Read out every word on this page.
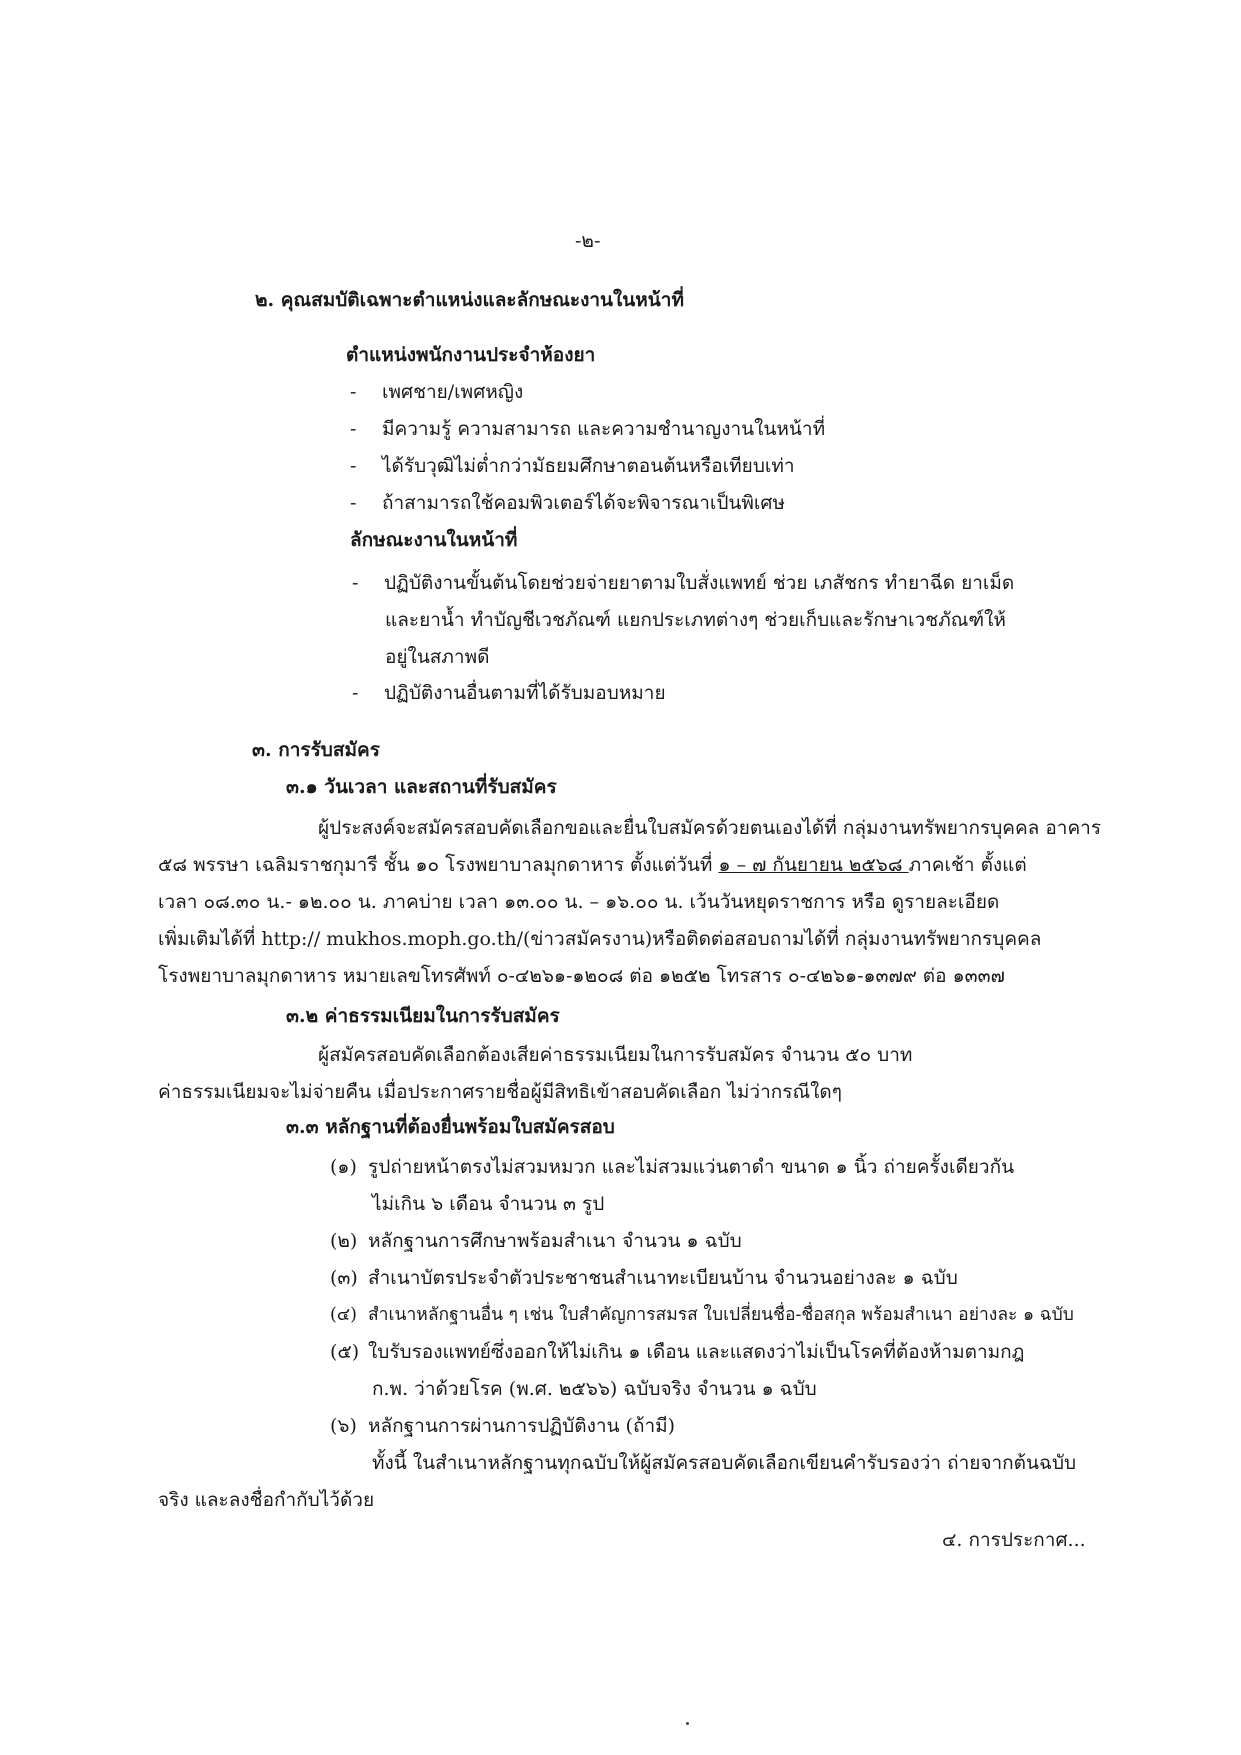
-๒-
๒. คุณสมบัติเฉพาะตำแหน่งและลักษณะงานในหน้าที่
ตำแหน่งพนักงานประจำห้องยา
- เพศชาย/เพศหญิง
- มีความรู้ ความสามารถ และความชำนาญงานในหน้าที่
- ได้รับวุฒิไม่ต่ำกว่ามัธยมศึกษาตอนต้นหรือเทียบเท่า
- ถ้าสามารถใช้คอมพิวเตอร์ได้จะพิจารณาเป็นพิเศษ
ลักษณะงานในหน้าที่
- ปฏิบัติงานขั้นต้นโดยช่วยจ่ายยาตามใบสั่งแพทย์ ช่วย เภสัชกร ทำยาฉีด ยาเม็ด
และยาน้ำ ทำบัญชีเวชภัณฑ์ แยกประเภทต่างๆ ช่วยเก็บและรักษาเวชภัณฑ์ให้
อยู่ในสภาพดี
- ปฏิบัติงานอื่นตามที่ได้รับมอบหมาย
๓. การรับสมัคร
๓.๑ วันเวลา และสถานที่รับสมัคร
ผู้ประสงค์จะสมัครสอบคัดเลือกขอและยื่นใบสมัครด้วยตนเองได้ที่ กลุ่มงานทรัพยากรบุคคล อาคาร
๕๘ พรรษา เฉลิมราชกุมารี ชั้น ๑๐ โรงพยาบาลมุกดาหาร ตั้งแต่วันที่ ๑ – ๗ กันยายน ๒๕๖๘ ภาคเช้า ตั้งแต่
เวลา ๐๘.๓๐ น.- ๑๒.๐๐ น. ภาคบ่าย เวลา ๑๓.๐๐ น. – ๑๖.๐๐ น. เว้นวันหยุดราชการ หรือ ดูรายละเอียด
เพิ่มเติมได้ที่ http:// mukhos.moph.go.th/(ข่าวสมัครงาน)หรือติดต่อสอบถามได้ที่ กลุ่มงานทรัพยากรบุคคล
โรงพยาบาลมุกดาหาร หมายเลขโทรศัพท์ ๐-๔๒๖๑-๑๒๐๘ ต่อ ๑๒๕๒ โทรสาร ๐-๔๒๖๑-๑๓๗๙ ต่อ ๑๓๓๗
๓.๒ ค่าธรรมเนียมในการรับสมัคร
ผู้สมัครสอบคัดเลือกต้องเสียค่าธรรมเนียมในการรับสมัคร จำนวน ๕๐ บาท
ค่าธรรมเนียมจะไม่จ่ายคืน เมื่อประกาศรายชื่อผู้มีสิทธิเข้าสอบคัดเลือก ไม่ว่ากรณีใดๆ
๓.๓ หลักฐานที่ต้องยื่นพร้อมใบสมัครสอบ
(๑) รูปถ่ายหน้าตรงไม่สวมหมวก และไม่สวมแว่นตาดำ ขนาด ๑ นิ้ว ถ่ายครั้งเดียวกัน
ไม่เกิน ๖ เดือน จำนวน ๓ รูป
(๒) หลักฐานการศึกษาพร้อมสำเนา จำนวน ๑ ฉบับ
(๓) สำเนาบัตรประจำตัวประชาชนสำเนาทะเบียนบ้าน จำนวนอย่างละ ๑ ฉบับ
(๔) สำเนาหลักฐานอื่น ๆ เช่น ใบสำคัญการสมรส ใบเปลี่ยนชื่อ-ชื่อสกุล พร้อมสำเนา อย่างละ ๑ ฉบับ
(๕) ใบรับรองแพทย์ซึ่งออกให้ไม่เกิน ๑ เดือน และแสดงว่าไม่เป็นโรคที่ต้องห้ามตามกฎ
ก.พ. ว่าด้วยโรค (พ.ศ. ๒๕๖๖) ฉบับจริง จำนวน ๑ ฉบับ
(๖) หลักฐานการผ่านการปฏิบัติงาน (ถ้ามี)
ทั้งนี้ ในสำเนาหลักฐานทุกฉบับให้ผู้สมัครสอบคัดเลือกเขียนคำรับรองว่า ถ่ายจากต้นฉบับ
จริง และลงชื่อกำกับไว้ด้วย
๔. การประกาศ...
